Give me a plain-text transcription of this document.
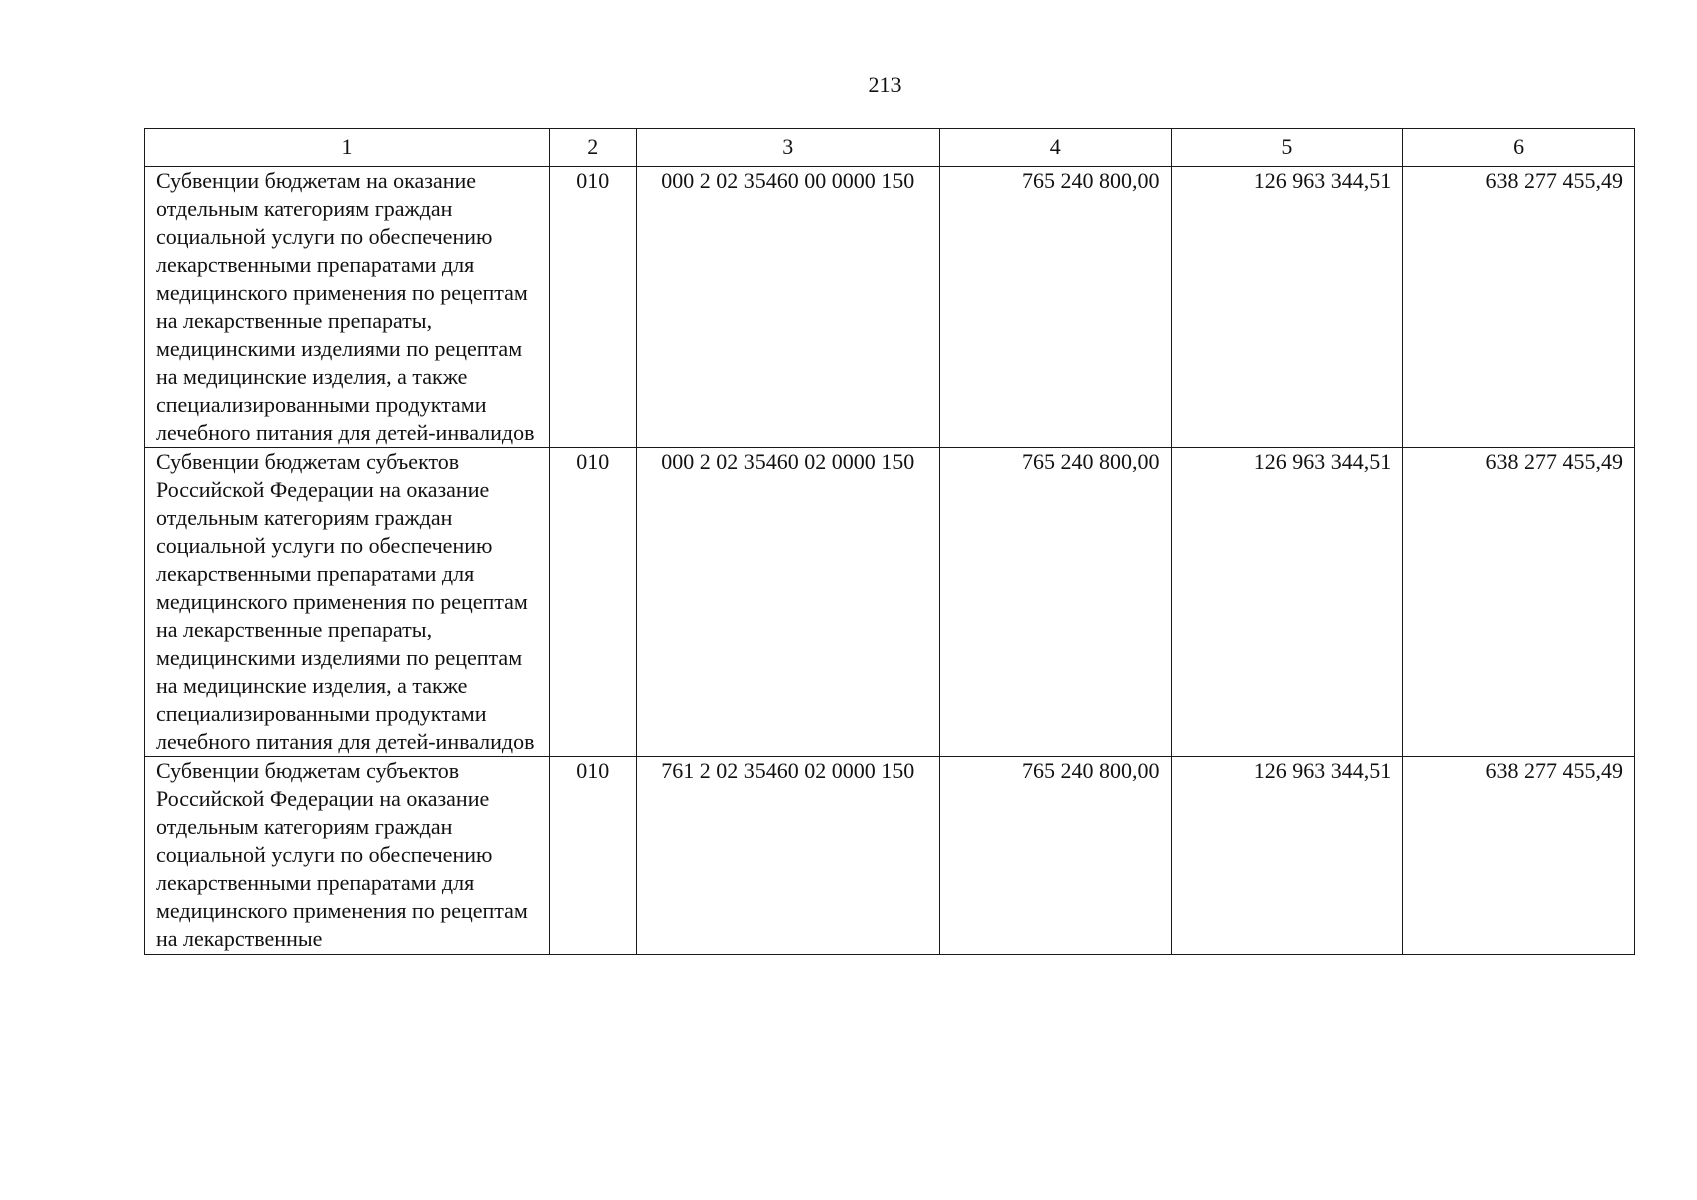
213
1	2	3	4	5	6
Субвенции бюджетам на оказание отдельным категориям граждан социальной услуги по обеспечению лекарственными препаратами для медицинского применения по рецептам на лекарственные препараты, медицинскими изделиями по рецептам на медицинские изделия, а также специализированными продуктами лечебного питания для детей-инвалидов	010	000 2 02 35460 00 0000 150	765 240 800,00	126 963 344,51	638 277 455,49
Субвенции бюджетам субъектов Российской Федерации на оказание отдельным категориям граждан социальной услуги по обеспечению лекарственными препаратами для медицинского применения по рецептам на лекарственные препараты, медицинскими изделиями по рецептам на медицинские изделия, а также специализированными продуктами лечебного питания для детей-инвалидов	010	000 2 02 35460 02 0000 150	765 240 800,00	126 963 344,51	638 277 455,49
Субвенции бюджетам субъектов Российской Федерации на оказание отдельным категориям граждан социальной услуги по обеспечению лекарственными препаратами для медицинского применения по рецептам на лекарственные	010	761 2 02 35460 02 0000 150	765 240 800,00	126 963 344,51	638 277 455,49
